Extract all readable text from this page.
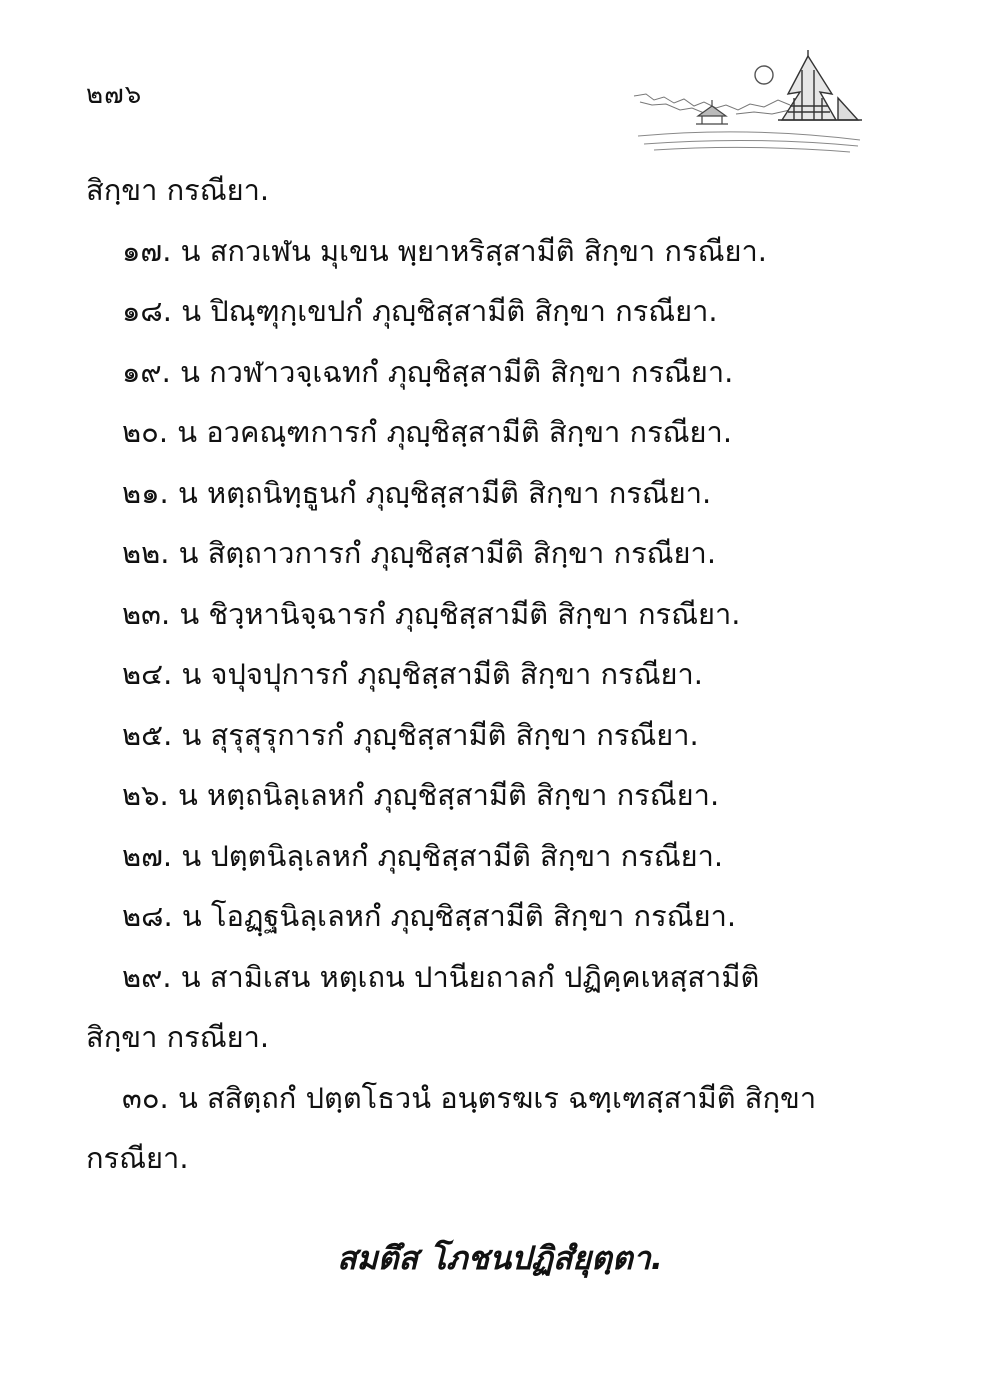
๒๗๖
สิกฺขา กรณียา.
๑๗. น สกวเฬน มุเขน พฺยาหริสฺสามีติ สิกฺขา กรณียา.
๑๘. น ปิณฺฑุกฺเขปกํ ภุญฺชิสฺสามีติ สิกฺขา กรณียา.
๑๙. น กวฬาวจฺเฉทกํ ภุญฺชิสฺสามีติ สิกฺขา กรณียา.
๒๐. น อวคณฺฑการกํ ภุญฺชิสฺสามีติ สิกฺขา กรณียา.
๒๑. น หตฺถนิทฺธูนกํ ภุญฺชิสฺสามีติ สิกฺขา กรณียา.
๒๒. น สิตฺถาวการกํ ภุญฺชิสฺสามีติ สิกฺขา กรณียา.
๒๓. น ชิวฺหานิจฺฉารกํ ภุญฺชิสฺสามีติ สิกฺขา กรณียา.
๒๔. น จปุจปุการกํ ภุญฺชิสฺสามีติ สิกฺขา กรณียา.
๒๕. น สุรุสุรุการกํ ภุญฺชิสฺสามีติ สิกฺขา กรณียา.
๒๖. น หตฺถนิลฺเลหกํ ภุญฺชิสฺสามีติ สิกฺขา กรณียา.
๒๗. น ปตฺตนิลฺเลหกํ ภุญฺชิสฺสามีติ สิกฺขา กรณียา.
๒๘. น โอฏฺฐนิลฺเลหกํ ภุญฺชิสฺสามีติ สิกฺขา กรณียา.
๒๙. น สามิเสน หตฺเถน ปานียถาลกํ ปฏิคฺคเหสฺสามีติ
สิกฺขา กรณียา.
๓๐. น สสิตฺถกํ ปตฺตโธวนํ อนฺตรฆเร ฉฑฺเฑสฺสามีติ สิกฺขา
กรณียา.
สมตึส โภชนปฏิสํยุตฺตา.
